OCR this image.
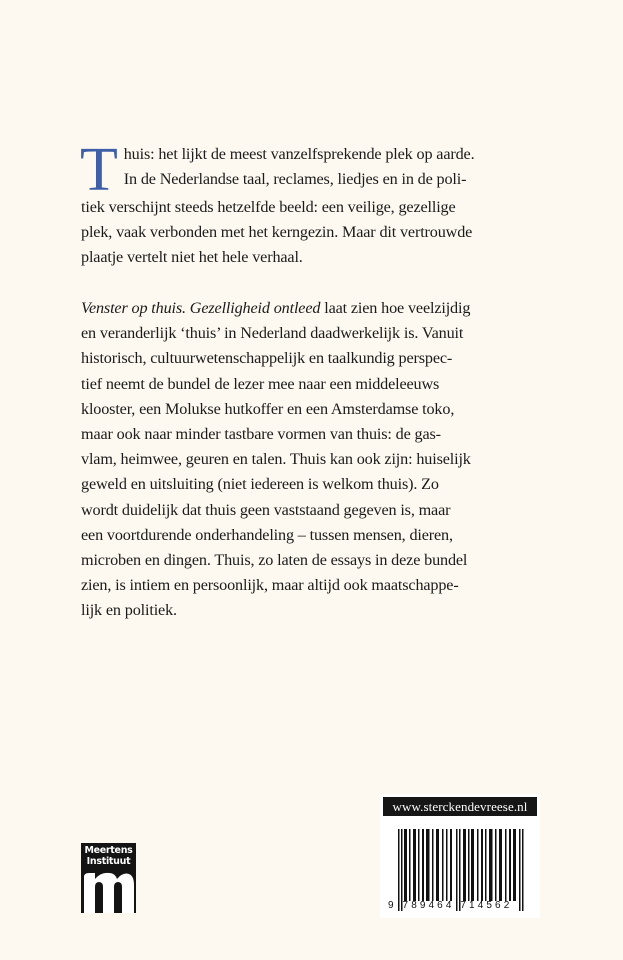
T huis: het lijkt de meest vanzelfsprekende plek op aarde.
In de Nederlandse taal, reclames, liedjes en in de poli-
tiek verschijnt steeds hetzelfde beeld: een veilige, gezellige
plek, vaak verbonden met het kerngezin. Maar dit vertrouwde
plaatje vertelt niet het hele verhaal.
Venster op thuis. Gezelligheid ontleed laat zien hoe veelzijdig
en veranderlijk ‘thuis’ in Nederland daadwerkelijk is. Vanuit
historisch, cultuurwetenschappelijk en taalkundig perspec-
tief neemt de bundel de lezer mee naar een middeleeuws
klooster, een Molukse hutkoffer en een Amsterdamse toko,
maar ook naar minder tastbare vormen van thuis: de gas-
vlam, heimwee, geuren en talen. Thuis kan ook zijn: huiselijk
geweld en uitsluiting (niet iedereen is welkom thuis). Zo
wordt duidelijk dat thuis geen vaststaand gegeven is, maar
een voortdurende onderhandeling – tussen mensen, dieren,
microben en dingen. Thuis, zo laten de essays in deze bundel
zien, is intiem en persoonlijk, maar altijd ook maatschappe-
lijk en politiek.
Meertens
Instituut
www.sterckendevreese.nl
9 789464 714562
